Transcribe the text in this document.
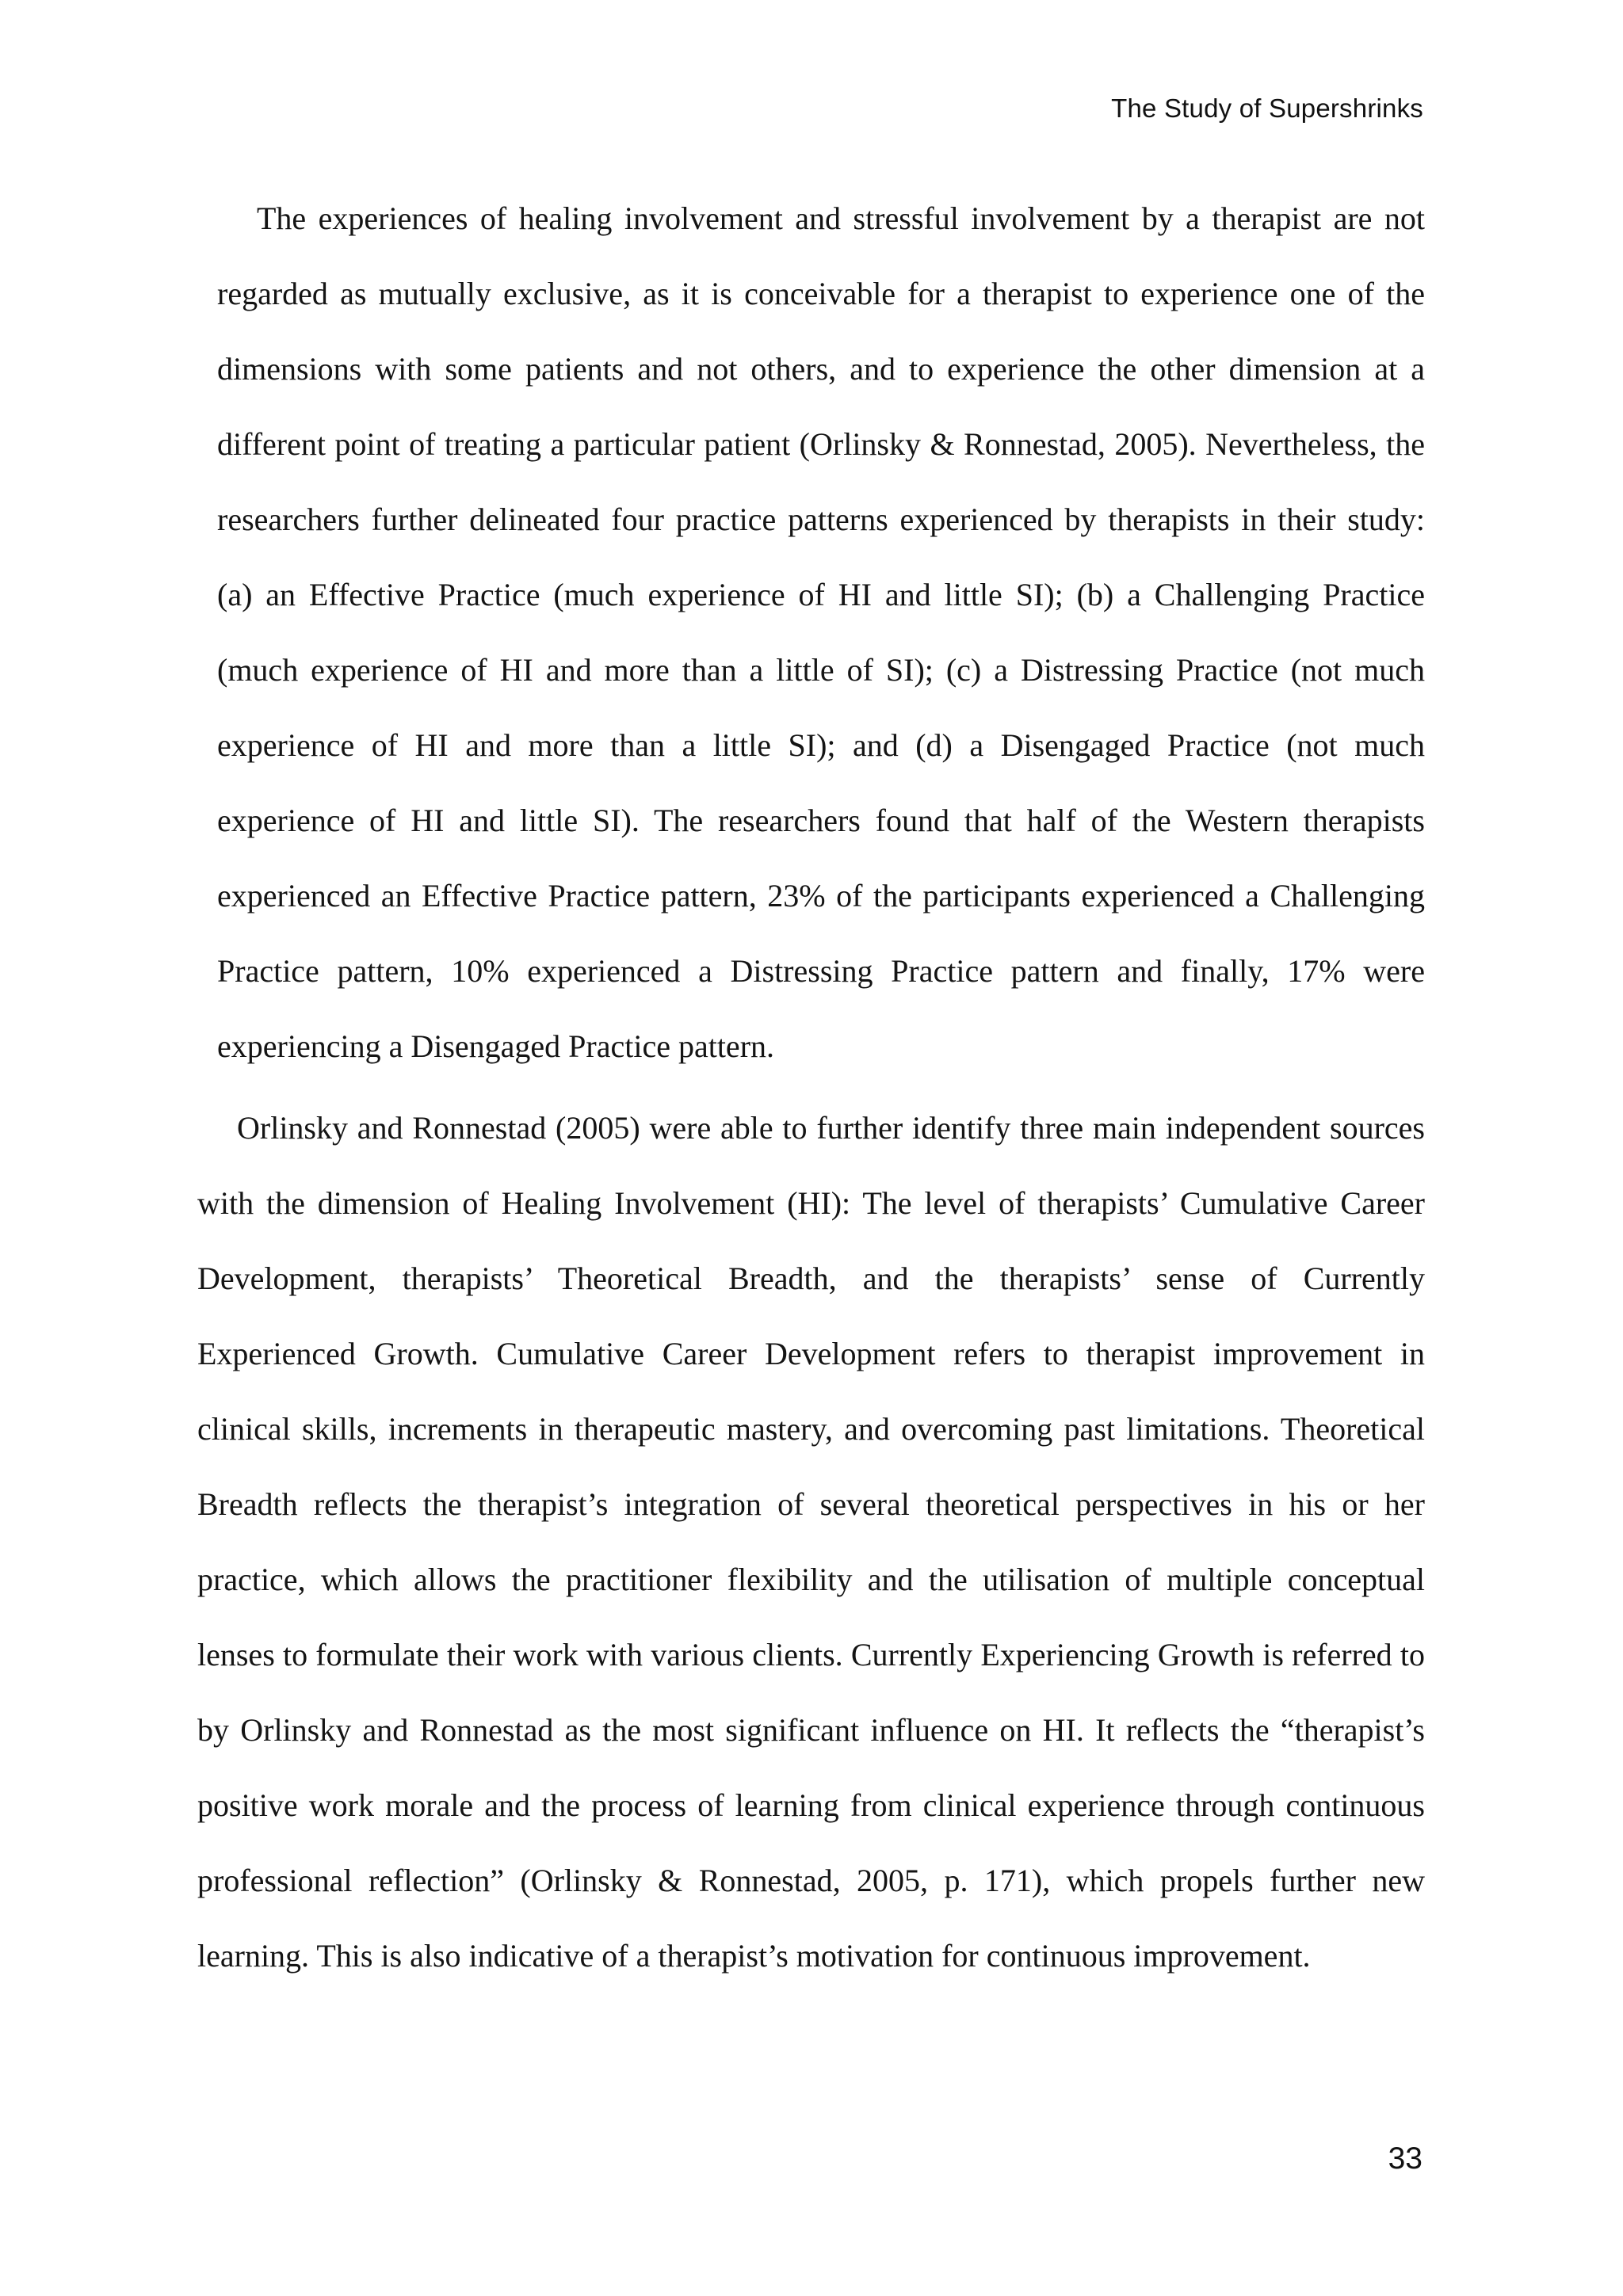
The Study of Supershrinks

The experiences of healing involvement and stressful involvement by a therapist are not regarded as mutually exclusive, as it is conceivable for a therapist to experience one of the dimensions with some patients and not others, and to experience the other dimension at a different point of treating a particular patient (Orlinsky & Ronnestad, 2005). Nevertheless, the researchers further delineated four practice patterns experienced by therapists in their study: (a) an Effective Practice (much experience of HI and little SI); (b) a Challenging Practice (much experience of HI and more than a little of SI); (c) a Distressing Practice (not much experience of HI and more than a little SI); and (d) a Disengaged Practice (not much experience of HI and little SI). The researchers found that half of the Western therapists experienced an Effective Practice pattern, 23% of the participants experienced a Challenging Practice pattern, 10% experienced a Distressing Practice pattern and finally, 17% were experiencing a Disengaged Practice pattern.

Orlinsky and Ronnestad (2005) were able to further identify three main independent sources with the dimension of Healing Involvement (HI): The level of therapists’ Cumulative Career Development, therapists’ Theoretical Breadth, and the therapists’ sense of Currently Experienced Growth. Cumulative Career Development refers to therapist improvement in clinical skills, increments in therapeutic mastery, and overcoming past limitations. Theoretical Breadth reflects the therapist’s integration of several theoretical perspectives in his or her practice, which allows the practitioner flexibility and the utilisation of multiple conceptual lenses to formulate their work with various clients. Currently Experiencing Growth is referred to by Orlinsky and Ronnestad as the most significant influence on HI. It reflects the “therapist’s positive work morale and the process of learning from clinical experience through continuous professional reflection” (Orlinsky & Ronnestad, 2005, p. 171), which propels further new learning. This is also indicative of a therapist’s motivation for continuous improvement.

33
